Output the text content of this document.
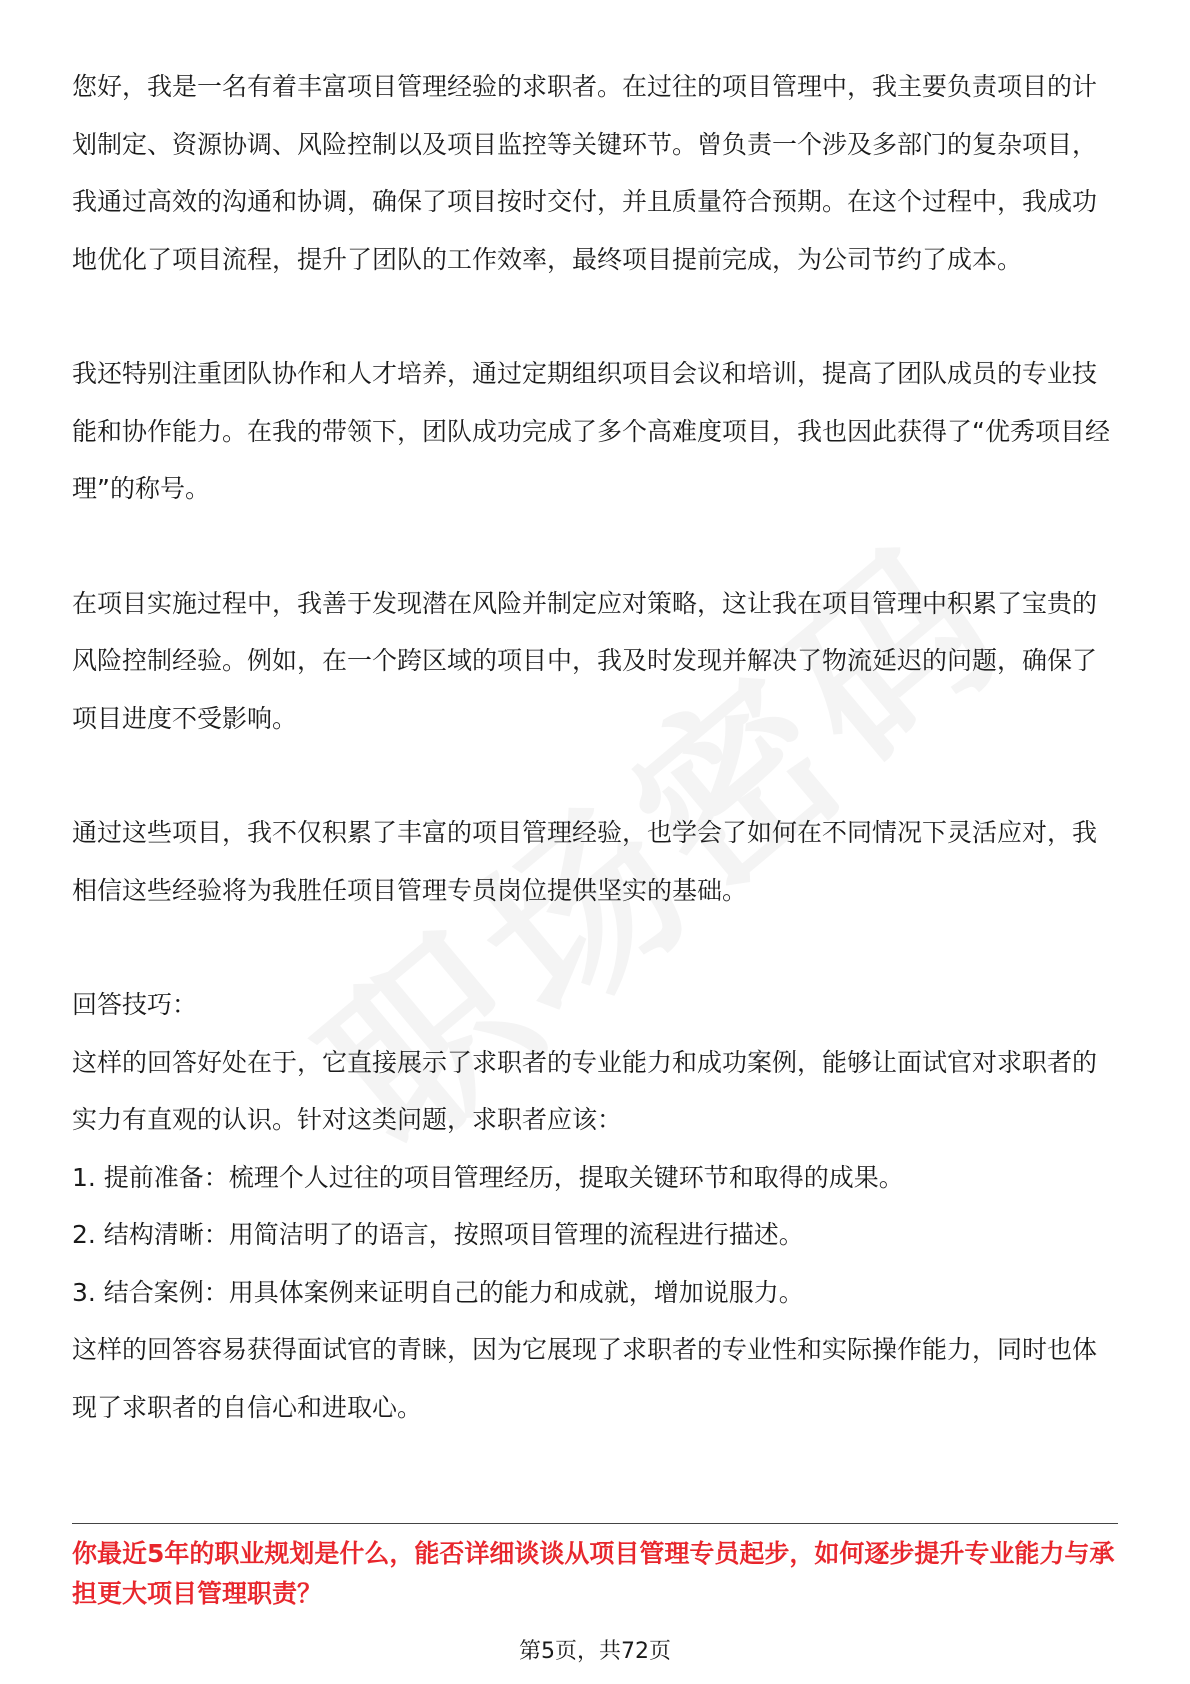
您好，我是一名有着丰富项目管理经验的求职者。在过往的项目管理中，我主要负责项目的计划制定、资源协调、风险控制以及项目监控等关键环节。曾负责一个涉及多部门的复杂项目，我通过高效的沟通和协调，确保了项目按时交付，并且质量符合预期。在这个过程中，我成功地优化了项目流程，提升了团队的工作效率，最终项目提前完成，为公司节约了成本。

我还特别注重团队协作和人才培养，通过定期组织项目会议和培训，提高了团队成员的专业技能和协作能力。在我的带领下，团队成功完成了多个高难度项目，我也因此获得了“优秀项目经理”的称号。

在项目实施过程中，我善于发现潜在风险并制定应对策略，这让我在项目管理中积累了宝贵的风险控制经验。例如，在一个跨区域的项目中，我及时发现并解决了物流延迟的问题，确保了项目进度不受影响。

通过这些项目，我不仅积累了丰富的项目管理经验，也学会了如何在不同情况下灵活应对，我相信这些经验将为我胜任项目管理专员岗位提供坚实的基础。

回答技巧：

这样的回答好处在于，它直接展示了求职者的专业能力和成功案例，能够让面试官对求职者的实力有直观的认识。针对这类问题，求职者应该：

1. 提前准备：梳理个人过往的项目管理经历，提取关键环节和取得的成果。

2. 结构清晰：用简洁明了的语言，按照项目管理的流程进行描述。

3. 结合案例：用具体案例来证明自己的能力和成就，增加说服力。

这样的回答容易获得面试官的青睐，因为它展现了求职者的专业性和实际操作能力，同时也体现了求职者的自信心和进取心。

你最近5年的职业规划是什么，能否详细谈谈从项目管理专员起步，如何逐步提升专业能力与承担更大项目管理职责？

第5页，共72页
